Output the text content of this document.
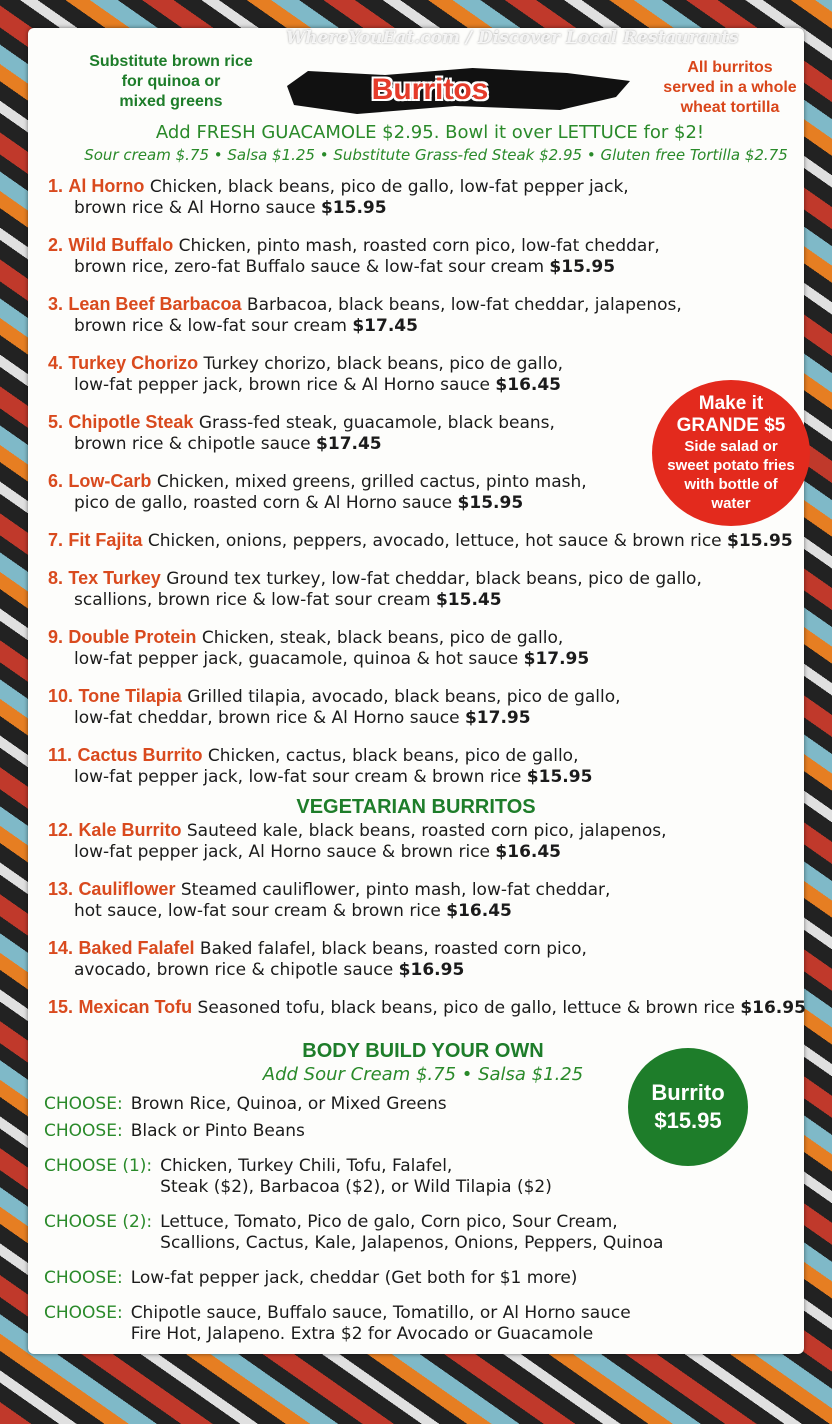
WhereYouEat.com / Discover Local Restaurants
Substitute brown rice
for quinoa or
mixed greens	Burritos
All burritos
served in a whole
wheat tortilla
Add FRESH GUACAMOLE $2.95. Bowl it over LETTUCE for $2!
Sour cream $.75 • Salsa $1.25 • Substitute Grass-fed Steak $2.95 • Gluten free Tortilla $2.75
1. Al Horno Chicken, black beans, pico de gallo, low-fat pepper jack,
brown rice & Al Horno sauce $15.95
2. Wild Buffalo Chicken, pinto mash, roasted corn pico, low-fat cheddar,
brown rice, zero-fat Buffalo sauce & low-fat sour cream $15.95
3. Lean Beef Barbacoa Barbacoa, black beans, low-fat cheddar, jalapenos,
brown rice & low-fat sour cream $17.45
4. Turkey Chorizo Turkey chorizo, black beans, pico de gallo,
low-fat pepper jack, brown rice & Al Horno sauce $16.45
5. Chipotle Steak Grass-fed steak, guacamole, black beans,
brown rice & chipotle sauce $17.45
6. Low-Carb Chicken, mixed greens, grilled cactus, pinto mash,
pico de gallo, roasted corn & Al Horno sauce $15.95
7. Fit Fajita Chicken, onions, peppers, avocado, lettuce, hot sauce & brown rice $15.95
8. Tex Turkey Ground tex turkey, low-fat cheddar, black beans, pico de gallo,
scallions, brown rice & low-fat sour cream $15.45
9. Double Protein Chicken, steak, black beans, pico de gallo,
low-fat pepper jack, guacamole, quinoa & hot sauce $17.95
10. Tone Tilapia Grilled tilapia, avocado, black beans, pico de gallo,
low-fat cheddar, brown rice & Al Horno sauce $17.95
11. Cactus Burrito Chicken, cactus, black beans, pico de gallo,
low-fat pepper jack, low-fat sour cream & brown rice $15.95
Make it
GRANDE $5
Side salad or
sweet potato fries
with bottle of
water
VEGETARIAN BURRITOS
12. Kale Burrito Sauteed kale, black beans, roasted corn pico, jalapenos,
low-fat pepper jack, Al Horno sauce & brown rice $16.45
13. Cauliflower Steamed cauliflower, pinto mash, low-fat cheddar,
hot sauce, low-fat sour cream & brown rice $16.45
14. Baked Falafel Baked falafel, black beans, roasted corn pico,
avocado, brown rice & chipotle sauce $16.95
15. Mexican Tofu Seasoned tofu, black beans, pico de gallo, lettuce & brown rice $16.95
BODY BUILD YOUR OWN
Add Sour Cream $.75 • Salsa $1.25
Burrito
$15.95
CHOOSE: Brown Rice, Quinoa, or Mixed Greens
CHOOSE: Black or Pinto Beans
CHOOSE (1): Chicken, Turkey Chili, Tofu, Falafel,
Steak ($2), Barbacoa ($2), or Wild Tilapia ($2)
CHOOSE (2): Lettuce, Tomato, Pico de galo, Corn pico, Sour Cream,
Scallions, Cactus, Kale, Jalapenos, Onions, Peppers, Quinoa
CHOOSE: Low-fat pepper jack, cheddar (Get both for $1 more)
CHOOSE: Chipotle sauce, Buffalo sauce, Tomatillo, or Al Horno sauce
Fire Hot, Jalapeno. Extra $2 for Avocado or Guacamole
